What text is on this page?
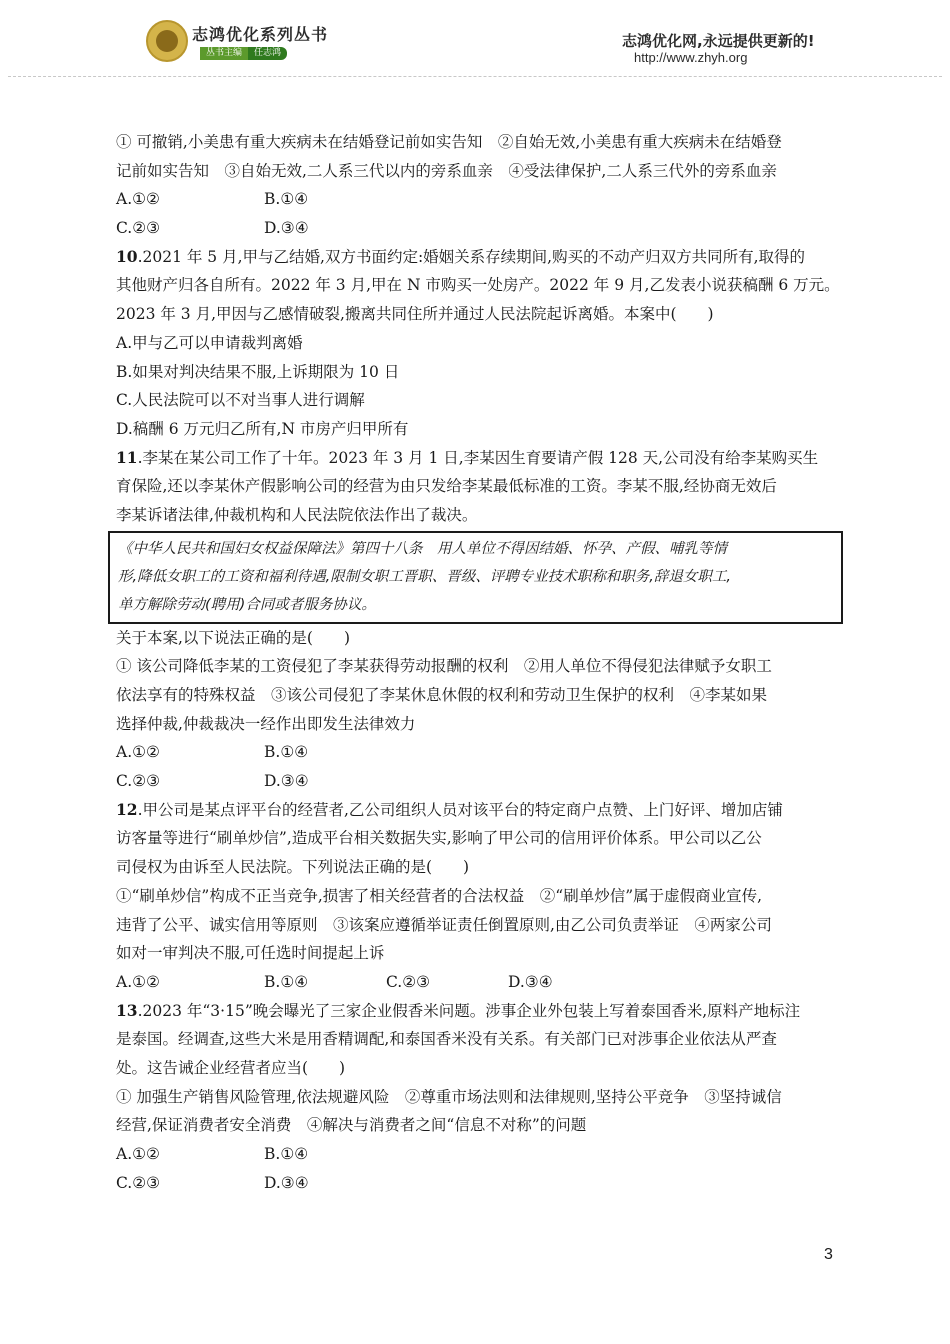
志鸿优化系列丛书
丛书主编	任志鸿
志鸿优化网,永远提供更新的!
http://www.zhyh.org
① 可撤销,小美患有重大疾病未在结婚登记前如实告知　②自始无效,小美患有重大疾病未在结婚登
记前如实告知　③自始无效,二人系三代以内的旁系血亲　④受法律保护,二人系三代外的旁系血亲
A.①②	B.①④
C.②③	D.③④
10.2021 年 5 月,甲与乙结婚,双方书面约定:婚姻关系存续期间,购买的不动产归双方共同所有,取得的
其他财产归各自所有。2022 年 3 月,甲在 N 市购买一处房产。2022 年 9 月,乙发表小说获稿酬 6 万元。
2023 年 3 月,甲因与乙感情破裂,搬离共同住所并通过人民法院起诉离婚。本案中(　　)
A.甲与乙可以申请裁判离婚
B.如果对判决结果不服,上诉期限为 10 日
C.人民法院可以不对当事人进行调解
D.稿酬 6 万元归乙所有,N 市房产归甲所有
11.李某在某公司工作了十年。2023 年 3 月 1 日,李某因生育要请产假 128 天,公司没有给李某购买生
育保险,还以李某休产假影响公司的经营为由只发给李某最低标准的工资。李某不服,经协商无效后
李某诉诸法律,仲裁机构和人民法院依法作出了裁决。
《中华人民共和国妇女权益保障法》第四十八条　用人单位不得因结婚、怀孕、产假、哺乳等情
形,降低女职工的工资和福利待遇,限制女职工晋职、晋级、评聘专业技术职称和职务,辞退女职工,
单方解除劳动(聘用)合同或者服务协议。
关于本案,以下说法正确的是(　　)
① 该公司降低李某的工资侵犯了李某获得劳动报酬的权利　②用人单位不得侵犯法律赋予女职工
依法享有的特殊权益　③该公司侵犯了李某休息休假的权利和劳动卫生保护的权利　④李某如果
选择仲裁,仲裁裁决一经作出即发生法律效力
A.①②	B.①④
C.②③	D.③④
12.甲公司是某点评平台的经营者,乙公司组织人员对该平台的特定商户点赞、上门好评、增加店铺
访客量等进行“刷单炒信”,造成平台相关数据失实,影响了甲公司的信用评价体系。甲公司以乙公
司侵权为由诉至人民法院。下列说法正确的是(　　)
①“刷单炒信”构成不正当竞争,损害了相关经营者的合法权益　②“刷单炒信”属于虚假商业宣传,
违背了公平、诚实信用等原则　③该案应遵循举证责任倒置原则,由乙公司负责举证　④两家公司
如对一审判决不服,可任选时间提起上诉
A.①②	B.①④	C.②③	D.③④
13.2023 年“3·15”晚会曝光了三家企业假香米问题。涉事企业外包装上写着泰国香米,原料产地标注
是泰国。经调查,这些大米是用香精调配,和泰国香米没有关系。有关部门已对涉事企业依法从严查
处。这告诫企业经营者应当(　　)
① 加强生产销售风险管理,依法规避风险　②尊重市场法则和法律规则,坚持公平竞争　③坚持诚信
经营,保证消费者安全消费　④解决与消费者之间“信息不对称”的问题
A.①②	B.①④
C.②③	D.③④
3
